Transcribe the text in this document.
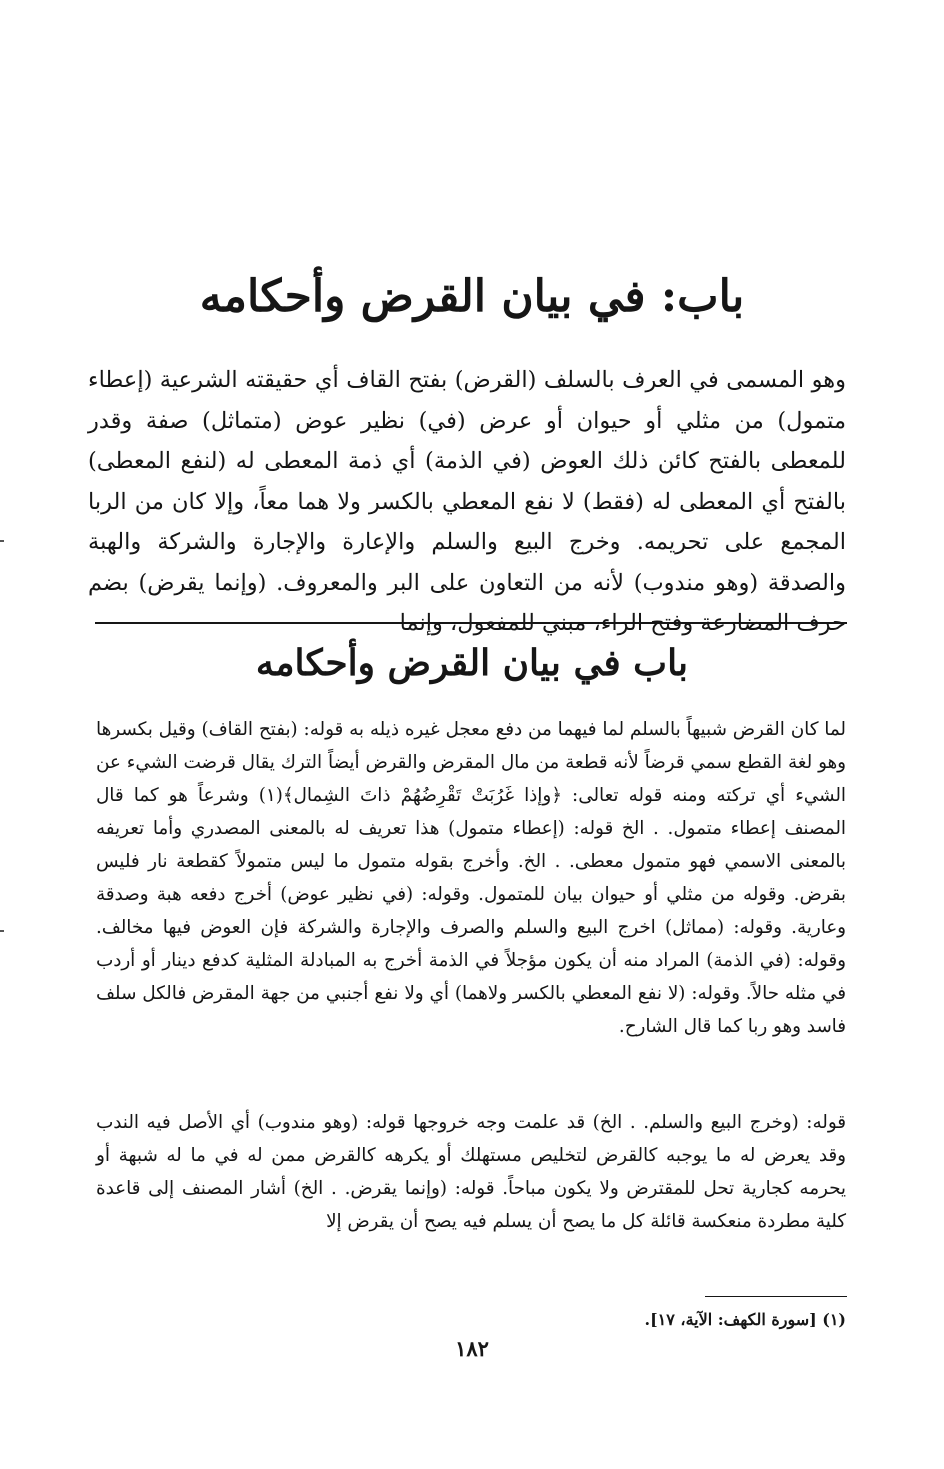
باب: في بيان القرض وأحكامه
وهو المسمى في العرف بالسلف (القرض) بفتح القاف أي حقيقته الشرعية (إعطاء متمول) من مثلي أو حيوان أو عرض (في) نظير عوض (متماثل) صفة وقدر للمعطى بالفتح كائن ذلك العوض (في الذمة) أي ذمة المعطى له (لنفع المعطى) بالفتح أي المعطى له (فقط) لا نفع المعطي بالكسر ولا هما معاً، وإلا كان من الربا المجمع على تحريمه. وخرج البيع والسلم والإعارة والإجارة والشركة والهبة والصدقة (وهو مندوب) لأنه من التعاون على البر والمعروف. (وإنما يقرض) بضم حرف المضارعة وفتح الراء، مبني للمفعول، وإنما
باب في بيان القرض وأحكامه
لما كان القرض شبيهاً بالسلم لما فيهما من دفع معجل غيره ذيله به قوله: (بفتح القاف) وقيل بكسرها وهو لغة القطع سمي قرضاً لأنه قطعة من مال المقرض والقرض أيضاً الترك يقال قرضت الشيء عن الشيء أي تركته ومنه قوله تعالى: ﴿وإذا غَرُبَتْ تَقْرِضُهُمْ ذاتَ الشِمال﴾(١) وشرعاً هو كما قال المصنف إعطاء متمول. . الخ قوله: (إعطاء متمول) هذا تعريف له بالمعنى المصدري وأما تعريفه بالمعنى الاسمي فهو متمول معطى. . الخ. وأخرج بقوله متمول ما ليس متمولاً كقطعة نار فليس بقرض. وقوله من مثلي أو حيوان بيان للمتمول. وقوله: (في نظير عوض) أخرج دفعه هبة وصدقة وعارية. وقوله: (مماثل) اخرج البيع والسلم والصرف والإجارة والشركة فإن العوض فيها مخالف. وقوله: (في الذمة) المراد منه أن يكون مؤجلاً في الذمة أخرج به المبادلة المثلية كدفع دينار أو أردب في مثله حالاً. وقوله: (لا نفع المعطي بالكسر ولاهما) أي ولا نفع أجنبي من جهة المقرض فالكل سلف فاسد وهو ربا كما قال الشارح.
قوله: (وخرج البيع والسلم. . الخ) قد علمت وجه خروجها قوله: (وهو مندوب) أي الأصل فيه الندب وقد يعرض له ما يوجبه كالقرض لتخليص مستهلك أو يكرهه كالقرض ممن له في ما له شبهة أو يحرمه كجارية تحل للمقترض ولا يكون مباحاً. قوله: (وإنما يقرض. . الخ) أشار المصنف إلى قاعدة كلية مطردة منعكسة قائلة كل ما يصح أن يسلم فيه يصح أن يقرض إلا
(١) [سورة الكهف: الآية، ١٧].
١٨٢
